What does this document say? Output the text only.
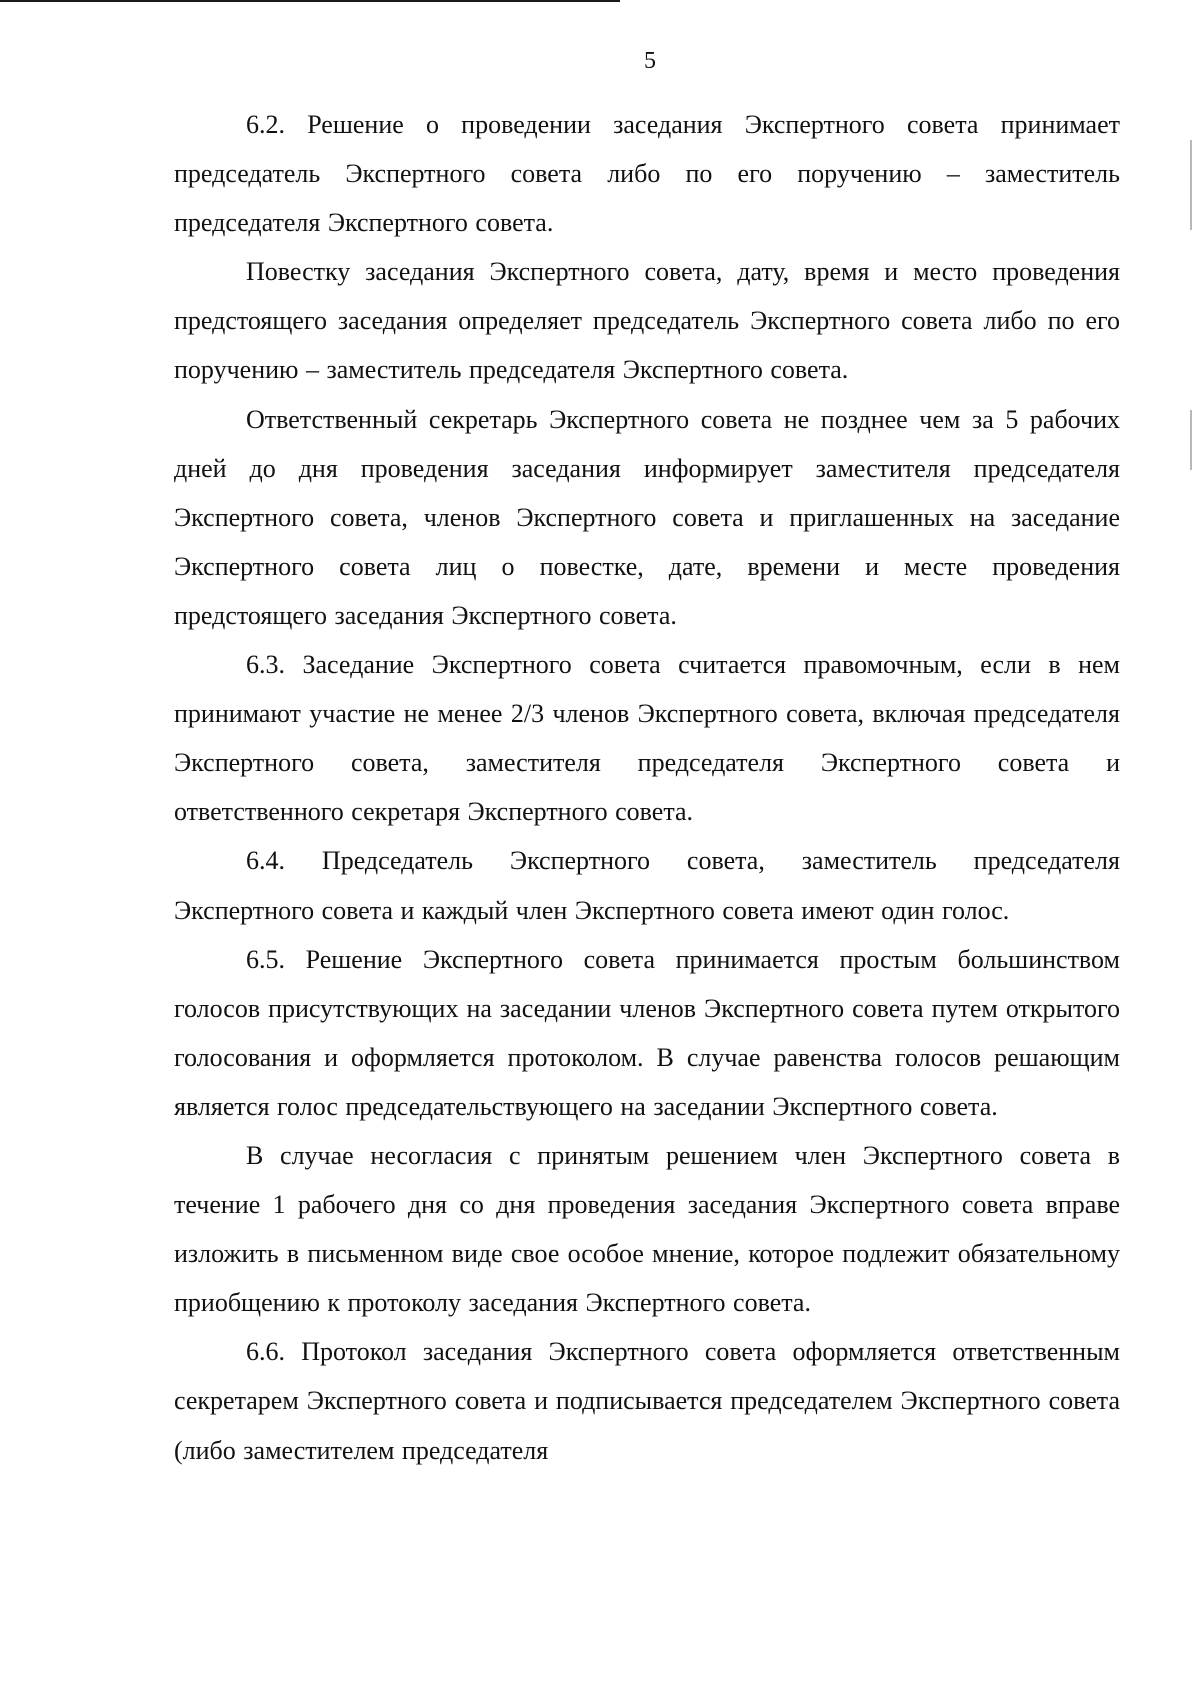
5

6.2. Решение о проведении заседания Экспертного совета принимает председатель Экспертного совета либо по его поручению – заместитель председателя Экспертного совета.

Повестку заседания Экспертного совета, дату, время и место проведения предстоящего заседания определяет председатель Экспертного совета либо по его поручению – заместитель председателя Экспертного совета.

Ответственный секретарь Экспертного совета не позднее чем за 5 рабочих дней до дня проведения заседания информирует заместителя председателя Экспертного совета, членов Экспертного совета и приглашенных на заседание Экспертного совета лиц о повестке, дате, времени и месте проведения предстоящего заседания Экспертного совета.

6.3. Заседание Экспертного совета считается правомочным, если в нем принимают участие не менее 2/3 членов Экспертного совета, включая председателя Экспертного совета, заместителя председателя Экспертного совета и ответственного секретаря Экспертного совета.

6.4. Председатель Экспертного совета, заместитель председателя Экспертного совета и каждый член Экспертного совета имеют один голос.

6.5. Решение Экспертного совета принимается простым большинством голосов присутствующих на заседании членов Экспертного совета путем открытого голосования и оформляется протоколом. В случае равенства голосов решающим является голос председательствующего на заседании Экспертного совета.

В случае несогласия с принятым решением член Экспертного совета в течение 1 рабочего дня со дня проведения заседания Экспертного совета вправе изложить в письменном виде свое особое мнение, которое подлежит обязательному приобщению к протоколу заседания Экспертного совета.

6.6. Протокол заседания Экспертного совета оформляется ответственным секретарем Экспертного совета и подписывается председателем Экспертного совета (либо заместителем председателя
